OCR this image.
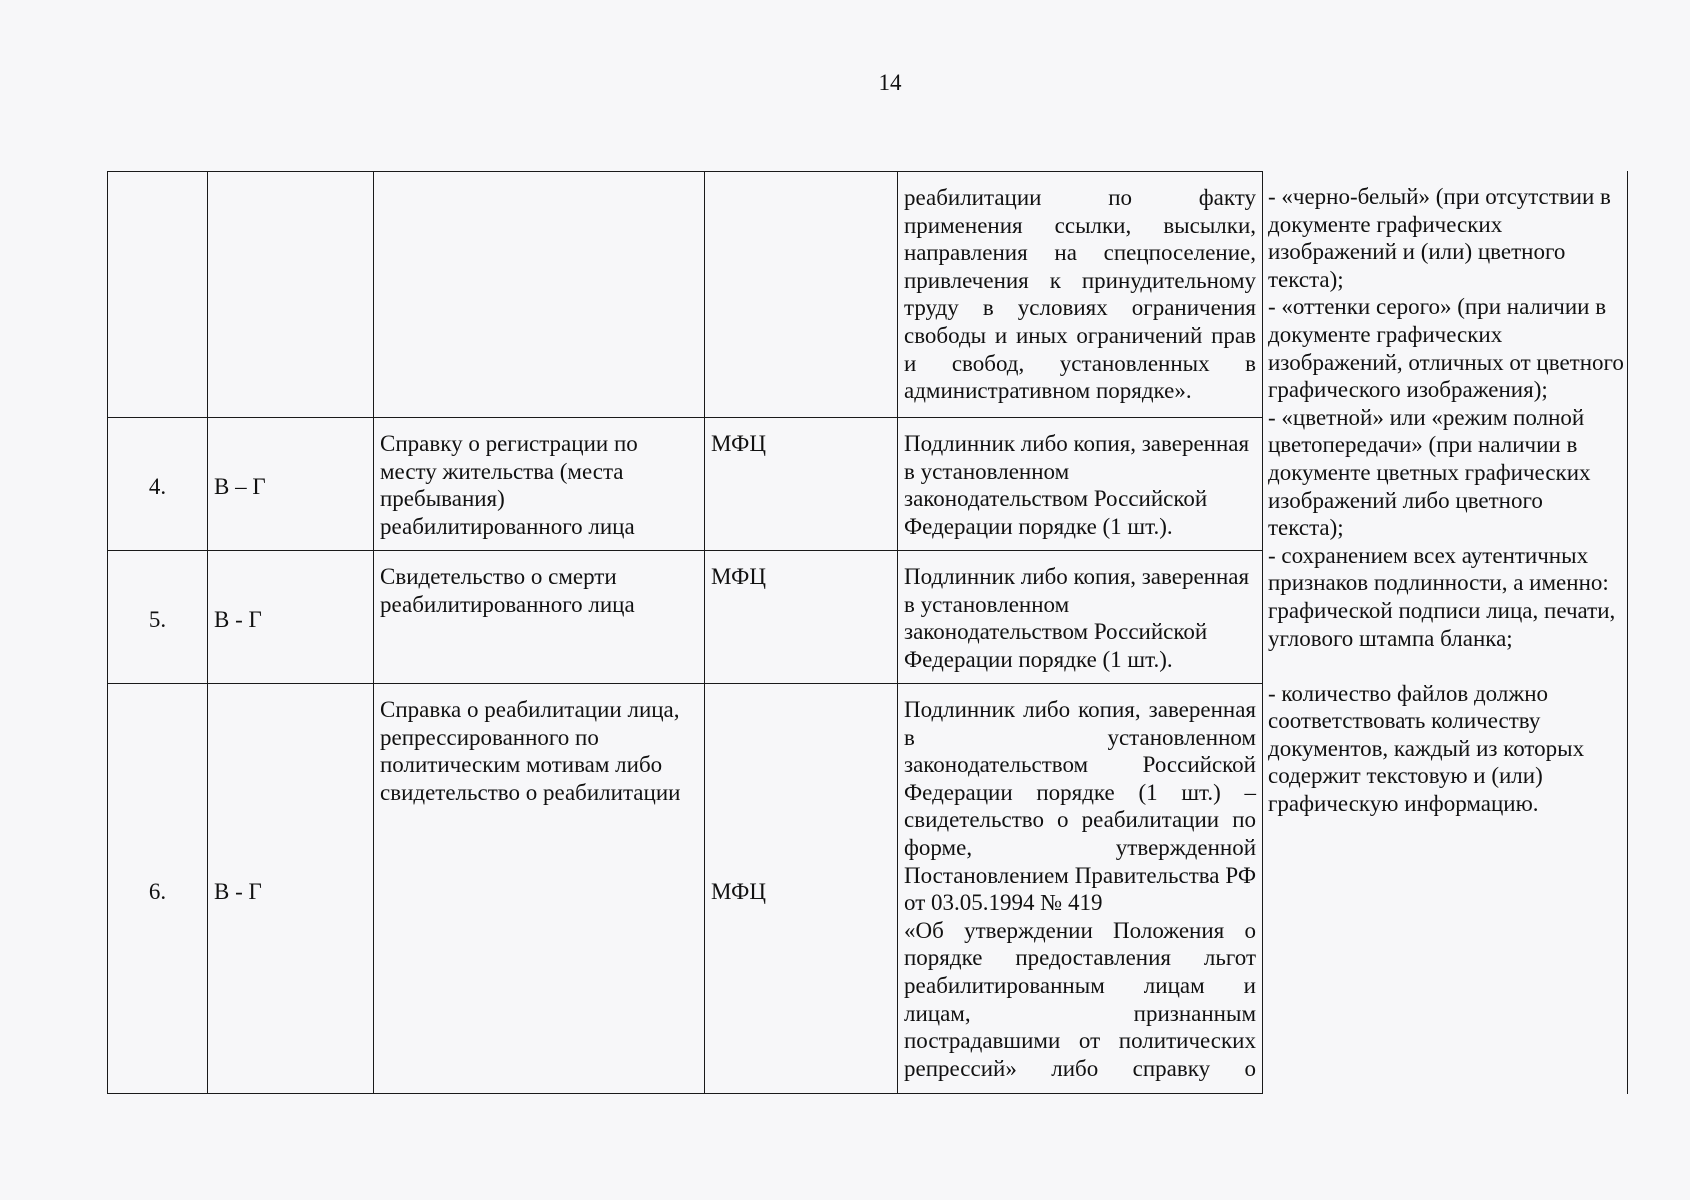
14
				реабилитации по факту применения ссылки, высылки, направления на спецпоселение, привлечения к принудительному труду в условиях ограничения свободы и иных ограничений прав и свобод, установленных в административном порядке».	
4.	В – Г	Справку о регистрации по месту жительства (места пребывания) реабилитированного лица	МФЦ	Подлинник либо копия, заверенная в установленном законодательством Российской Федерации порядке (1 шт.).	
5.	В - Г	Свидетельство о смерти реабилитированного лица	МФЦ	Подлинник либо копия, заверенная в установленном законодательством Российской Федерации порядке (1 шт.).	
6.	В - Г	Справка о реабилитации лица, репрессированного по политическим мотивам либо свидетельство о реабилитации	МФЦ	Подлинник либо копия, заверенная в установленном законодательством Российской Федерации порядке (1 шт.) – свидетельство о реабилитации по форме, утвержденной Постановлением Правительства РФ от 03.05.1994 № 419
«Об утверждении Положения о порядке предоставления льгот реабилитированным лицам и лицам, признанным пострадавшими от политических репрессий» либо справку о	
- «черно-белый» (при отсутствии в документе графических изображений и (или) цветного текста);
- «оттенки серого» (при наличии в документе графических изображений, отличных от цветного графического изображения);
- «цветной» или «режим полной цветопередачи» (при наличии в документе цветных графических изображений либо цветного текста);
- сохранением всех аутентичных признаков подлинности, а именно: графической подписи лица, печати, углового штампа бланка;
- количество файлов должно соответствовать количеству документов, каждый из которых содержит текстовую и (или) графическую информацию.
